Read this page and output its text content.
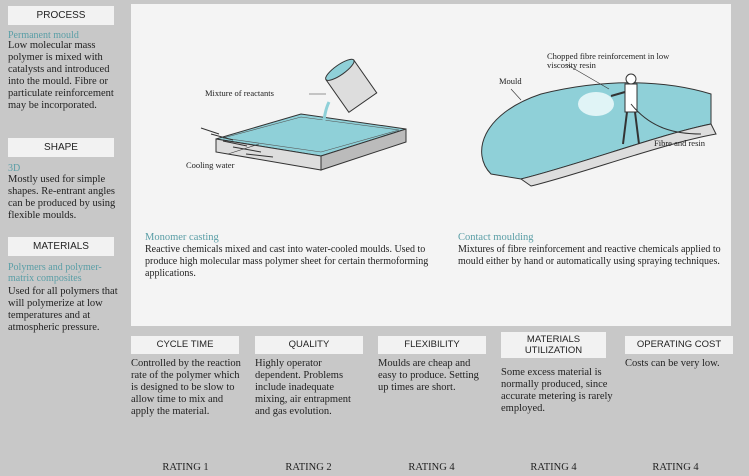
PROCESS
Permanent mould
Low molecular mass polymer is mixed with catalysts and introduced into the mould. Fibre or particulate reinforcement may be incorporated.
SHAPE
3D
Mostly used for simple shapes. Re-entrant angles can be produced by using flexible moulds.
MATERIALS
Polymers and polymer-matrix composites
Used for all polymers that will polymerize at low temperatures and at atmospheric pressure.
Mixture of reactants
Cooling water
Monomer casting
Reactive chemicals mixed and cast into water-cooled moulds. Used to produce high molecular mass polymer sheet for certain thermoforming applications.
Chopped fibre reinforcement in low viscosity resin
Mould
Fibre and resin
Contact moulding
Mixtures of fibre reinforcement and reactive chemicals applied to mould either by hand or automatically using spraying techniques.
CYCLE TIME
Controlled by the reaction rate of the polymer which is designed to be slow to allow time to mix and apply the material.
RATING 1
QUALITY
Highly operator dependent. Problems include inadequate mixing, air entrapment and gas evolution.
RATING 2
FLEXIBILITY
Moulds are cheap and easy to produce. Setting up times are short.
RATING 4
MATERIALS UTILIZATION
Some excess material is normally produced, since accurate metering is rarely employed.
RATING 4
OPERATING COST
Costs can be very low.
RATING 4
